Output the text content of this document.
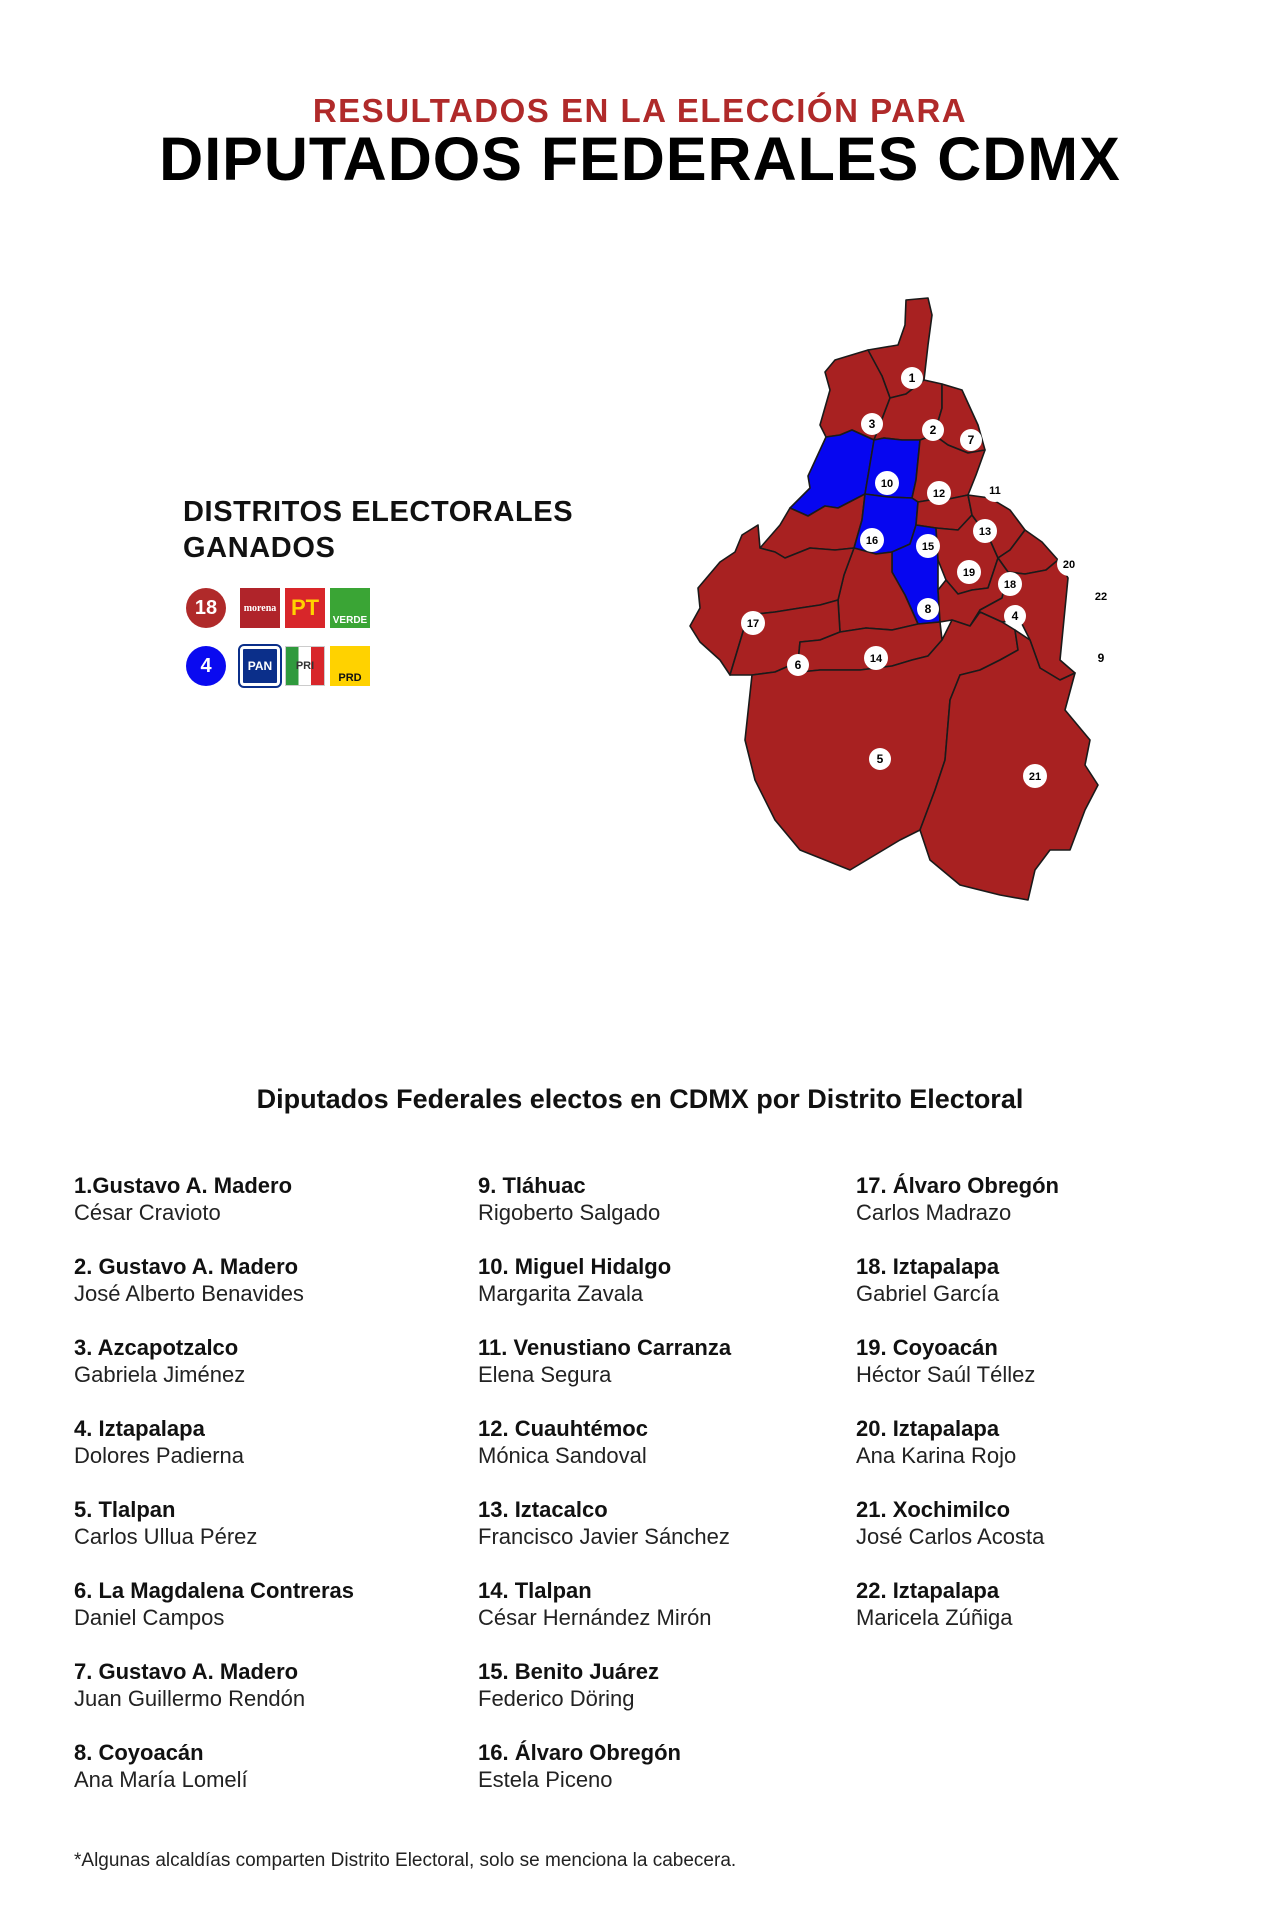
RESULTADOS EN LA ELECCIÓN PARA
DIPUTADOS FEDERALES CDMX
DISTRITOS ELECTORALES
GANADOS
18	morena PT
VERDE
4	PAN	PRI
PRD
1
2
3
4
5
6
7
8
9
10
11
12
13
14
15
16
17
18
19
20
21
22
Diputados Federales electos en CDMX por Distrito Electoral
1.Gustavo A. Madero
César Cravioto
2. Gustavo A. Madero
José Alberto Benavides
3. Azcapotzalco
Gabriela Jiménez
4. Iztapalapa
Dolores Padierna
5. Tlalpan
Carlos Ullua Pérez
6. La Magdalena Contreras
Daniel Campos
7. Gustavo A. Madero
Juan Guillermo Rendón
8. Coyoacán
Ana María Lomelí
9. Tláhuac
Rigoberto Salgado
10. Miguel Hidalgo
Margarita Zavala
11. Venustiano Carranza
Elena Segura
12. Cuauhtémoc
Mónica Sandoval
13. Iztacalco
Francisco Javier Sánchez
14. Tlalpan
César Hernández Mirón
15. Benito Juárez
Federico Döring
16. Álvaro Obregón
Estela Piceno
17. Álvaro Obregón
Carlos Madrazo
18. Iztapalapa
Gabriel García
19. Coyoacán
Héctor Saúl Téllez
20. Iztapalapa
Ana Karina Rojo
21. Xochimilco
José Carlos Acosta
22. Iztapalapa
Maricela Zúñiga
*Algunas alcaldías comparten Distrito Electoral, solo se menciona la cabecera.
